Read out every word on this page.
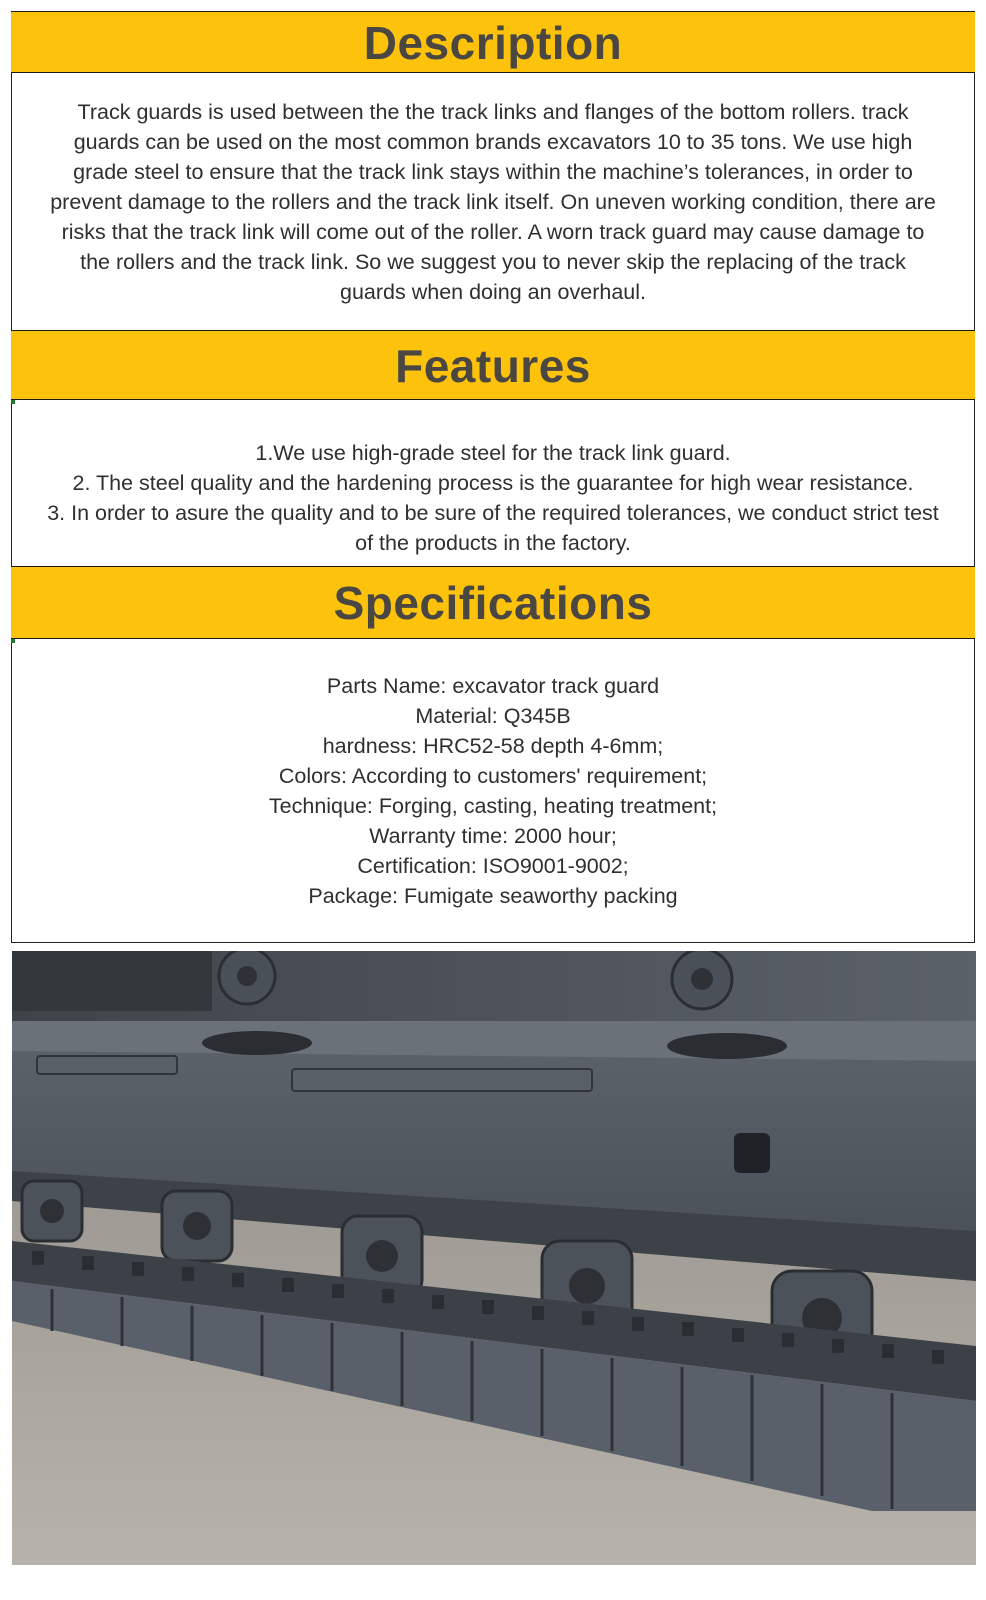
Description

Track guards is used between the the track links and flanges of the bottom rollers. track

guards can be used on the most common brands excavators 10 to 35 tons. We use high

grade steel to ensure that the track link stays within the machine’s tolerances, in order to

prevent damage to the rollers and the track link itself. On uneven working condition, there are

risks that the track link will come out of the roller. A worn track guard may cause damage to

the rollers and the track link. So we suggest you to never skip the replacing of the track

guards when doing an overhaul.

Features

1.We use high-grade steel for the track link guard.

2. The steel quality and the hardening process is the guarantee for high wear resistance.

3. In order to asure the quality and to be sure of the required tolerances, we conduct strict test

of the products in the factory.

Specifications

Parts Name: excavator track guard

Material: Q345B

hardness: HRC52-58 depth 4-6mm;

Colors: According to customers' requirement;

Technique: Forging, casting, heating treatment;

Warranty time: 2000 hour;

Certification: ISO9001-9002;

Package: Fumigate seaworthy packing
